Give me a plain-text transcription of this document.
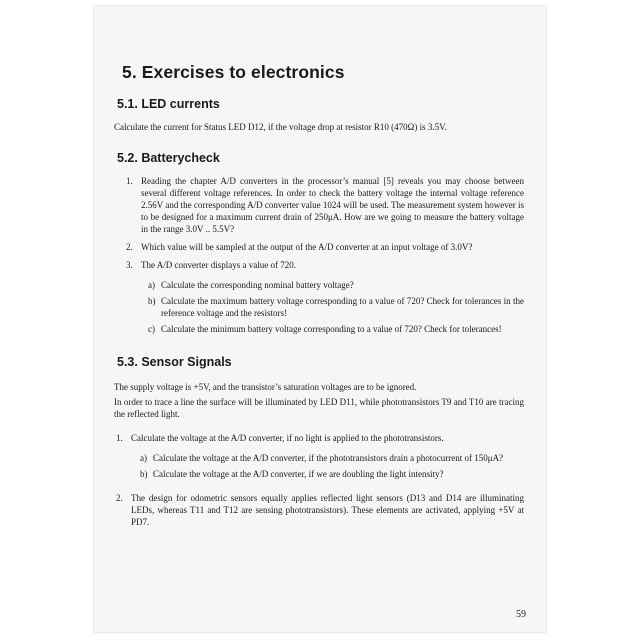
5. Exercises to electronics
5.1. LED currents

Calculate the current for Status LED D12, if the voltage drop at resistor R10 (470Ω) is 3.5V.

5.2. Batterycheck
1. Reading the chapter A/D converters in the processor’s manual [5] reveals you may choose between several different voltage references. In order to check the battery voltage the internal voltage reference 2.56V and the corresponding A/D converter value 1024 will be used. The measurement system however is to be designed for a maximum current drain of 250μA. How are we going to measure the battery voltage in the range 3.0V .. 5.5V?
2. Which value will be sampled at the output of the A/D converter at an input voltage of 3.0V?
3. The A/D converter displays a value of 720.
a) Calculate the corresponding nominal battery voltage?
b) Calculate the maximum battery voltage corresponding to a value of 720? Check for tolerances in the reference voltage and the resistors!
c) Calculate the minimum battery voltage corresponding to a value of 720? Check for tolerances!
5.3. Sensor Signals

The supply voltage is +5V, and the transistor’s saturation voltages are to be ignored.

In order to trace a line the surface will be illuminated by LED D11, while phototransistors T9 and T10 are tracing the reflected light.

1. Calculate the voltage at the A/D converter, if no light is applied to the phototransistors.
a) Calculate the voltage at the A/D converter, if the phototransistors drain a photocurrent of 150μA?
b) Calculate the voltage at the A/D converter, if we are doubling the light intensity?
2. The design for odometric sensors equally applies reflected light sensors (D13 and D14 are illuminating LEDs, whereas T11 and T12 are sensing phototransistors). These elements are activated, applying +5V at PD7.
59
